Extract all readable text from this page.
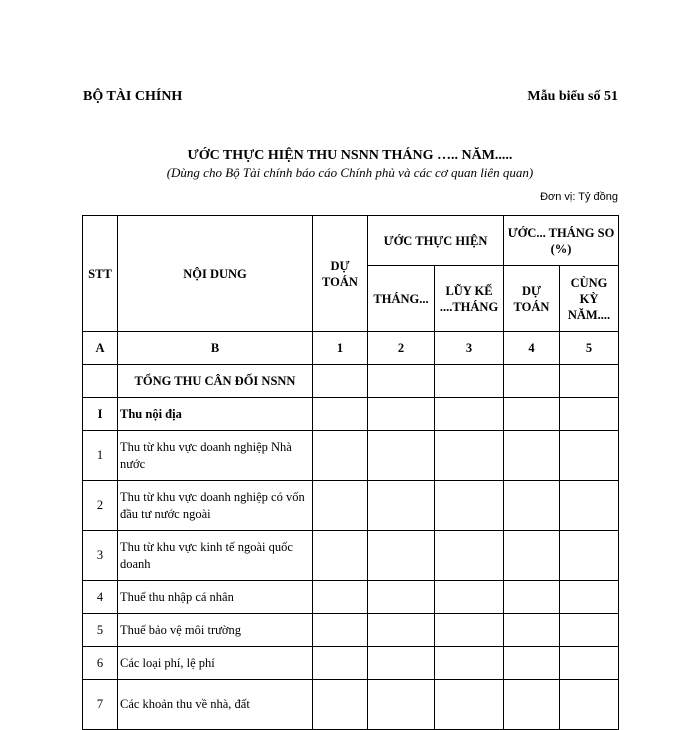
BỘ TÀI CHÍNH	Mẫu biểu số 51
ƯỚC THỰC HIỆN THU NSNN THÁNG ….. NĂM.....
(Dùng cho Bộ Tài chính báo cáo Chính phủ và các cơ quan liên quan)
Đơn vị: Tỷ đồng
STT	NỘI DUNG	DỰ TOÁN	ƯỚC THỰC HIỆN		ƯỚC... THÁNG SO (%)	
			THÁNG...	LŨY KẾ ....THÁNG	DỰ TOÁN	CÙNG KỲ NĂM....
A	B	1	2	3	4	5
	TỔNG THU CÂN ĐỐI NSNN					
I	Thu nội địa					
1	Thu từ khu vực doanh nghiệp Nhà nước					
2	Thu từ khu vực doanh nghiệp có vốn đầu tư nước ngoài					
3	Thu từ khu vực kinh tế ngoài quốc doanh					
4	Thuế thu nhập cá nhân					
5	Thuế bảo vệ môi trường					
6	Các loại phí, lệ phí					
7	Các khoản thu về nhà, đất					
